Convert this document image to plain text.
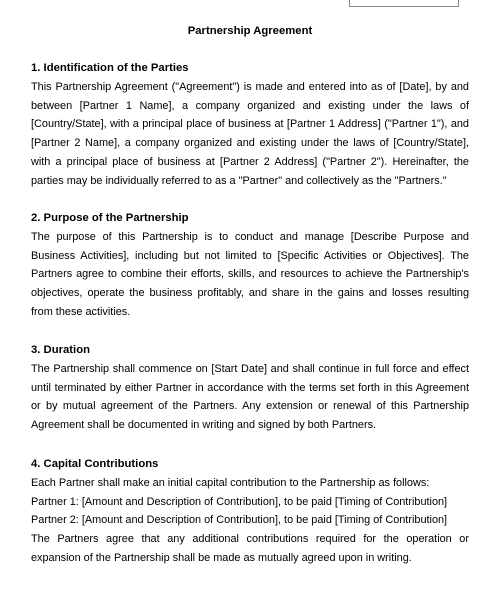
Partnership Agreement

1. Identification of the Parties

This Partnership Agreement ("Agreement") is made and entered into as of [Date], by and between [Partner 1 Name], a company organized and existing under the laws of [Country/State], with a principal place of business at [Partner 1 Address] ("Partner 1"), and [Partner 2 Name], a company organized and existing under the laws of [Country/State], with a principal place of business at [Partner 2 Address] ("Partner 2"). Hereinafter, the parties may be individually referred to as a "Partner" and collectively as the "Partners."

2. Purpose of the Partnership

The purpose of this Partnership is to conduct and manage [Describe Purpose and Business Activities], including but not limited to [Specific Activities or Objectives]. The Partners agree to combine their efforts, skills, and resources to achieve the Partnership's objectives, operate the business profitably, and share in the gains and losses resulting from these activities.

3. Duration

The Partnership shall commence on [Start Date] and shall continue in full force and effect until terminated by either Partner in accordance with the terms set forth in this Agreement or by mutual agreement of the Partners. Any extension or renewal of this Partnership Agreement shall be documented in writing and signed by both Partners.

4. Capital Contributions

Each Partner shall make an initial capital contribution to the Partnership as follows:

Partner 1: [Amount and Description of Contribution], to be paid [Timing of Contribution]

Partner 2: [Amount and Description of Contribution], to be paid [Timing of Contribution]

The Partners agree that any additional contributions required for the operation or expansion of the Partnership shall be made as mutually agreed upon in writing.
